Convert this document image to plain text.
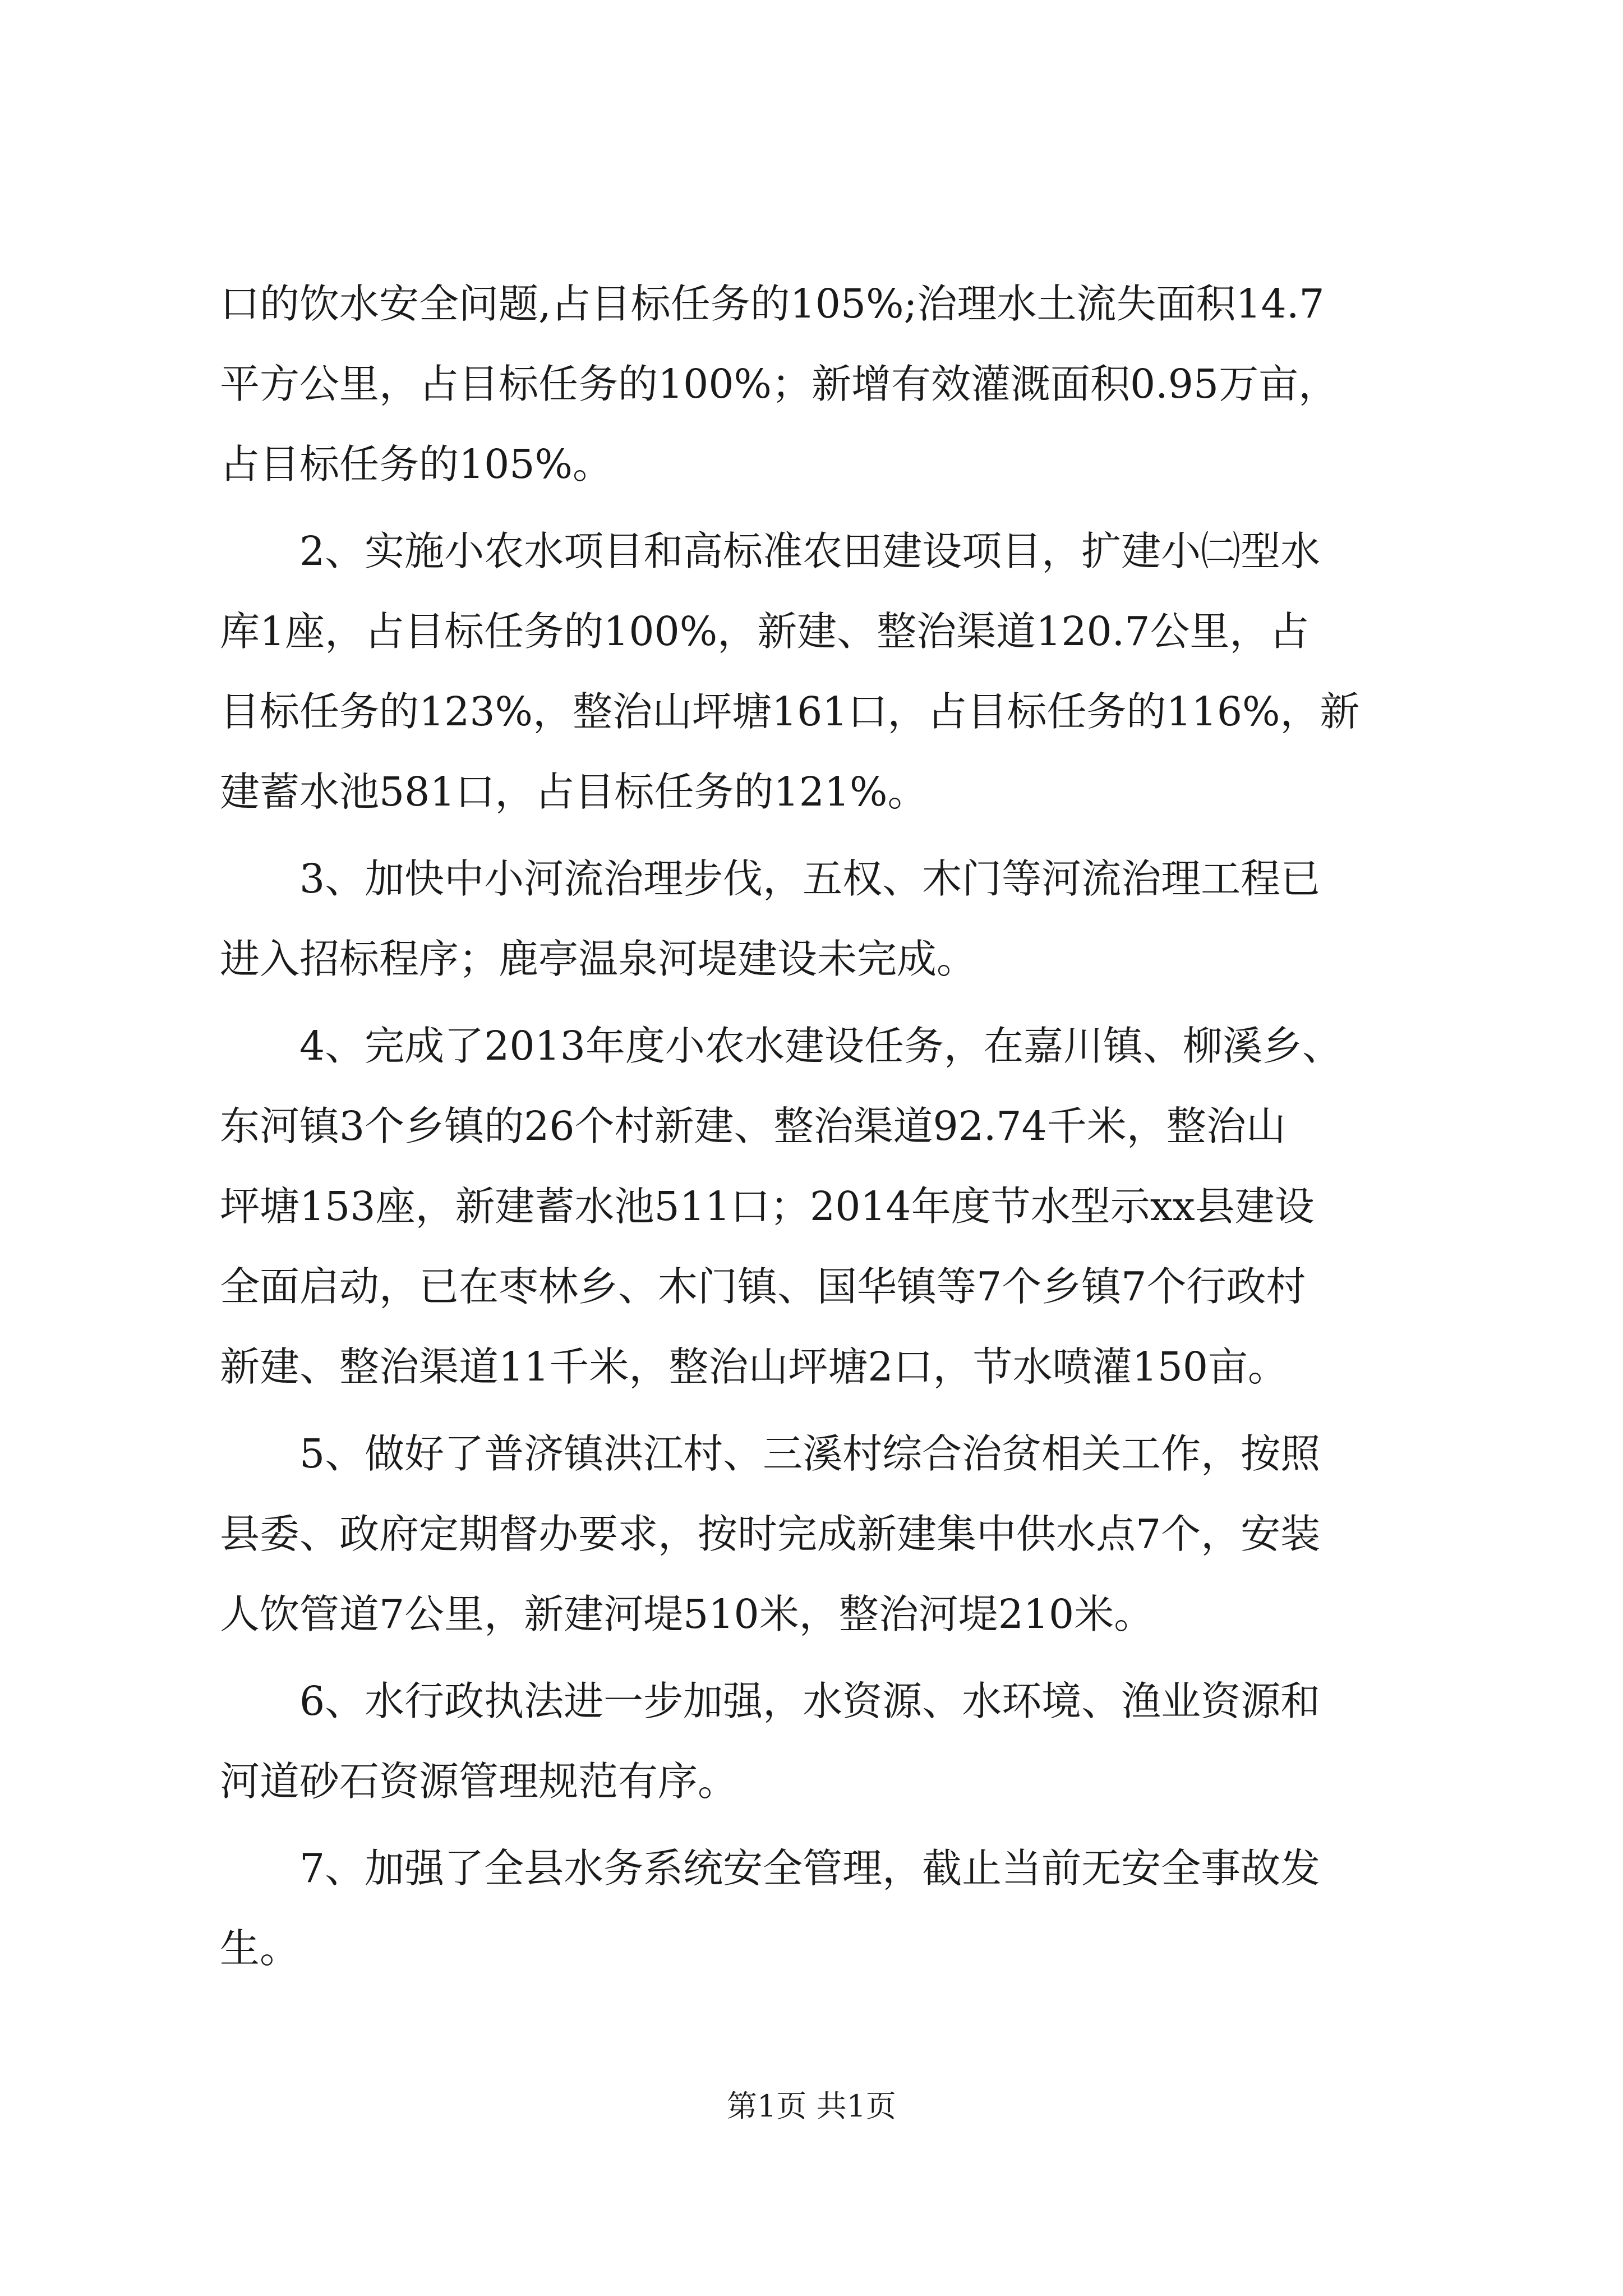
口的饮水安全问题,占目标任务的105%;治理水土流失面积14.7
平方公里，占目标任务的100%；新增有效灌溉面积0.95万亩，
占目标任务的105%。
　　2、实施小农水项目和高标准农田建设项目，扩建小㈡型水
库1座，占目标任务的100%，新建、整治渠道120.7公里，占
目标任务的123%，整治山坪塘161口，占目标任务的116%，新
建蓄水池581口，占目标任务的121%。
　　3、加快中小河流治理步伐，五权、木门等河流治理工程已
进入招标程序；鹿亭温泉河堤建设未完成。
　　4、完成了2013年度小农水建设任务，在嘉川镇、柳溪乡、
东河镇3个乡镇的26个村新建、整治渠道92.74千米，整治山
坪塘153座，新建蓄水池511口；2014年度节水型示xx县建设
全面启动，已在枣林乡、木门镇、国华镇等7个乡镇7个行政村
新建、整治渠道11千米，整治山坪塘2口，节水喷灌150亩。
　　5、做好了普济镇洪江村、三溪村综合治贫相关工作，按照
县委、政府定期督办要求，按时完成新建集中供水点7个，安装
人饮管道7公里，新建河堤510米，整治河堤210米。
　　6、水行政执法进一步加强，水资源、水环境、渔业资源和
河道砂石资源管理规范有序。
　　7、加强了全县水务系统安全管理，截止当前无安全事故发
生。
第1页 共1页
